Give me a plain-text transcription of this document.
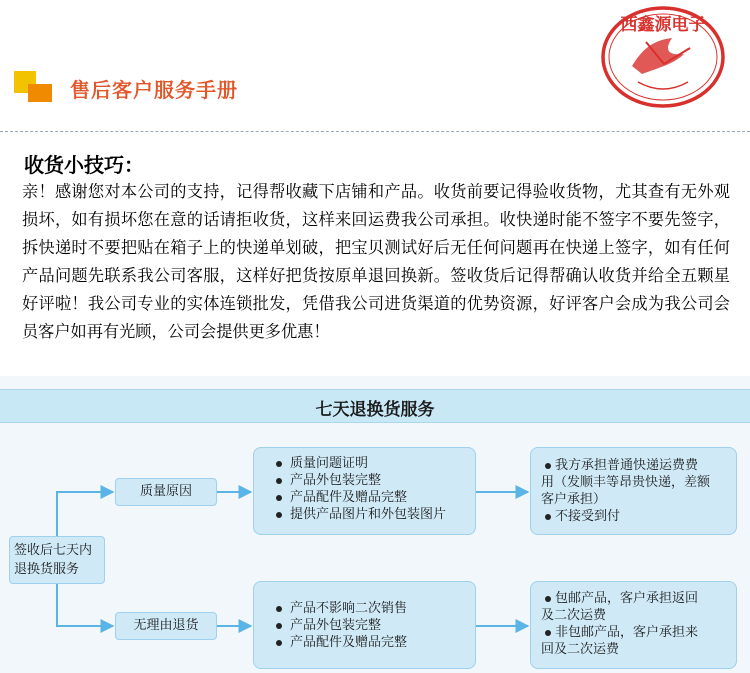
售后客户服务手册
西鑫源电子
收货小技巧：
亲！感谢您对本公司的支持，记得帮收藏下店铺和产品。收货前要记得验收货物，尤其查有无外观损坏，如有损坏您在意的话请拒收货，这样来回运费我公司承担。收快递时能不签字不要先签字，拆快递时不要把贴在箱子上的快递单划破，把宝贝测试好后无任何问题再在快递上签字，如有任何产品问题先联系我公司客服，这样好把货按原单退回换新。签收货后记得帮确认收货并给全五颗星好评啦！我公司专业的实体连锁批发，凭借我公司进货渠道的优势资源，好评客户会成为我公司会员客户如再有光顾，公司会提供更多优惠！
七天退换货服务
签收后七天内
退换货服务
质量原因
无理由退货
质量问题证明
产品外包装完整
产品配件及赠品完整
提供产品图片和外包装图片
产品不影响二次销售
产品外包装完整
产品配件及赠品完整
我方承担普通快递运费费
用（发顺丰等昂贵快递，差额
客户承担）
不接受到付
包邮产品，客户承担返回
及二次运费
非包邮产品，客户承担来
回及二次运费
